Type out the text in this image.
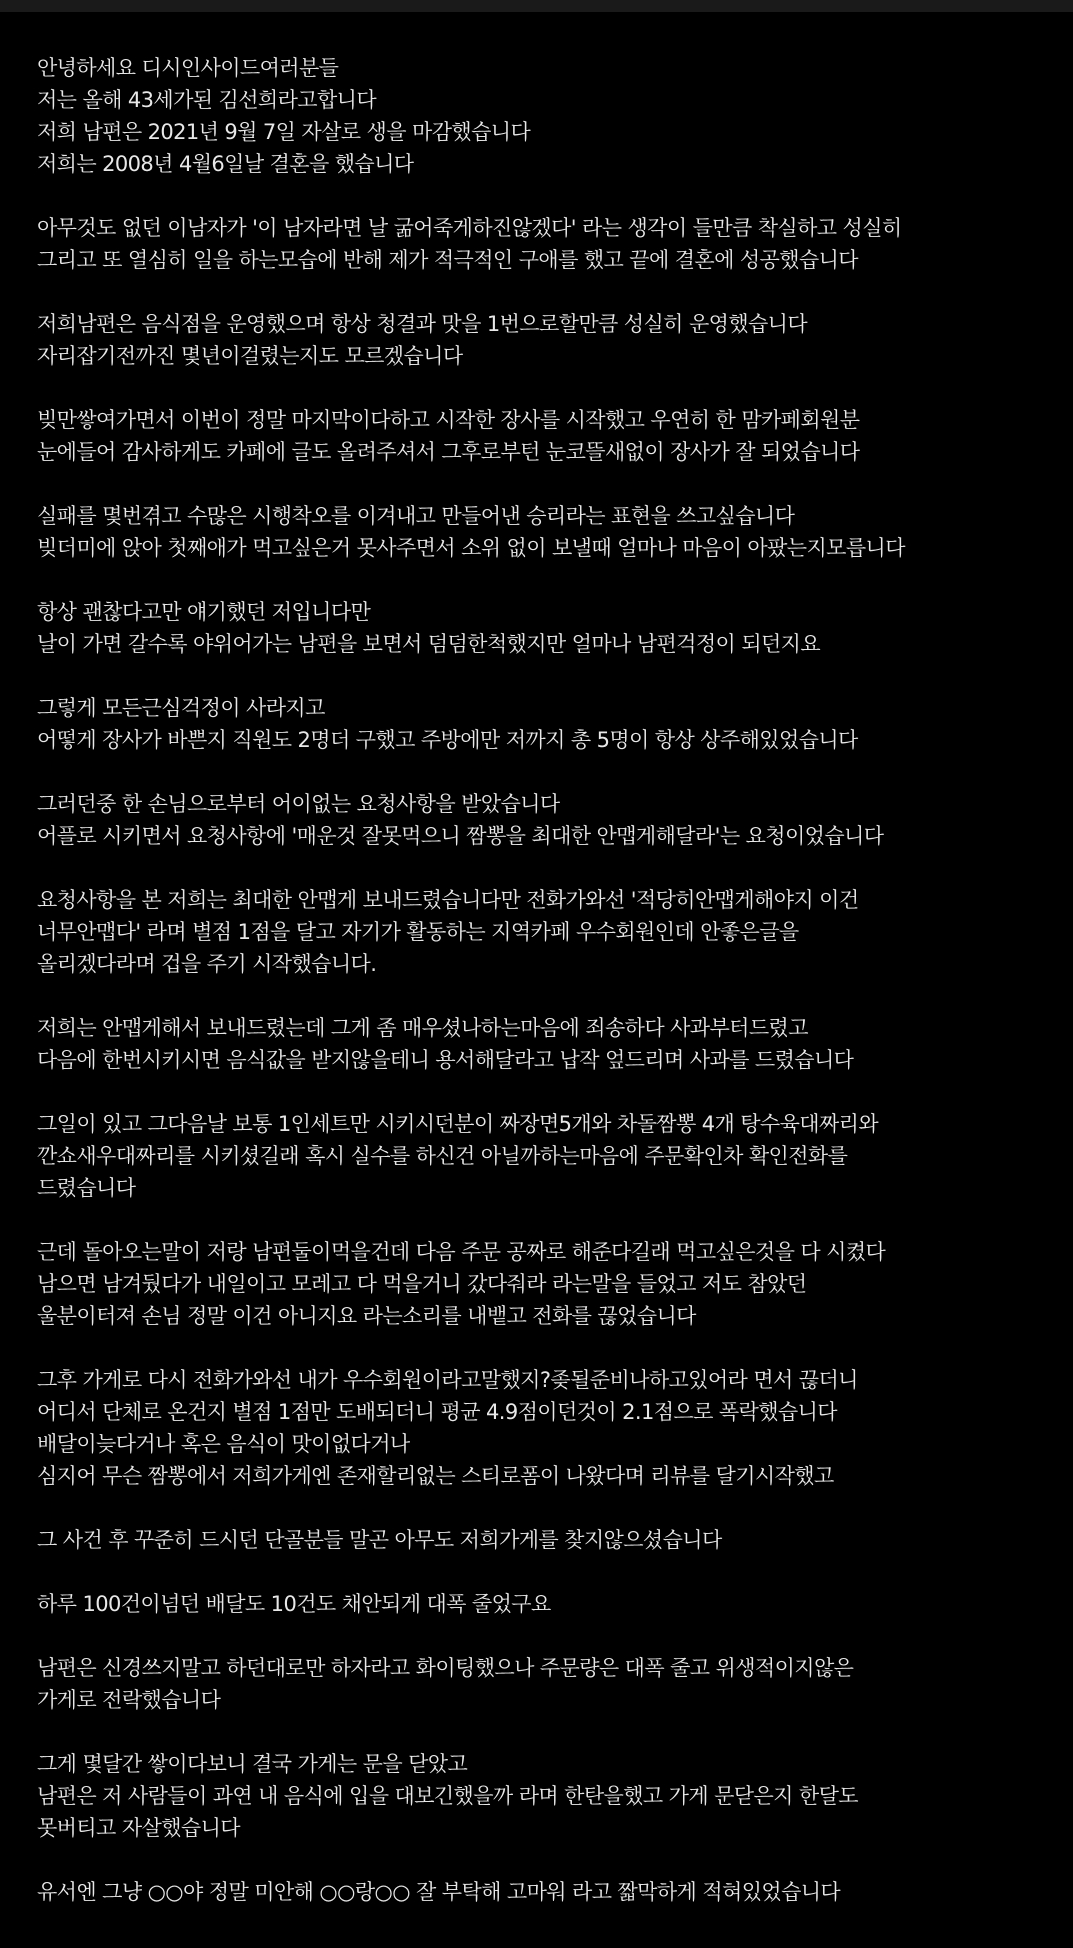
안녕하세요 디시인사이드여러분들
저는 올해 43세가된 김선희라고합니다
저희 남편은 2021년 9월 7일 자살로 생을 마감했습니다
저희는 2008년 4월6일날 결혼을 했습니다
아무것도 없던 이남자가 '이 남자라면 날 굶어죽게하진않겠다' 라는 생각이 들만큼 착실하고 성실히
그리고 또 열심히 일을 하는모습에 반해 제가 적극적인 구애를 했고 끝에 결혼에 성공했습니다
저희남편은 음식점을 운영했으며 항상 청결과 맛을 1번으로할만큼 성실히 운영했습니다
자리잡기전까진 몇년이걸렸는지도 모르겠습니다
빚만쌓여가면서 이번이 정말 마지막이다하고 시작한 장사를 시작했고 우연히 한 맘카페회원분
눈에들어 감사하게도 카페에 글도 올려주셔서 그후로부턴 눈코뜰새없이 장사가 잘 되었습니다
실패를 몇번겪고 수많은 시행착오를 이겨내고 만들어낸 승리라는 표현을 쓰고싶습니다
빚더미에 앉아 첫째애가 먹고싶은거 못사주면서 소위 없이 보낼때 얼마나 마음이 아팠는지모릅니다
항상 괜찮다고만 얘기했던 저입니다만
날이 가면 갈수록 야위어가는 남편을 보면서 덤덤한척했지만 얼마나 남편걱정이 되던지요
그렇게 모든근심걱정이 사라지고
어떻게 장사가 바쁜지 직원도 2명더 구했고 주방에만 저까지 총 5명이 항상 상주해있었습니다
그러던중 한 손님으로부터 어이없는 요청사항을 받았습니다
어플로 시키면서 요청사항에 '매운것 잘못먹으니 짬뽕을 최대한 안맵게해달라'는 요청이었습니다
요청사항을 본 저희는 최대한 안맵게 보내드렸습니다만 전화가와선 '적당히안맵게해야지 이건
너무안맵다' 라며 별점 1점을 달고 자기가 활동하는 지역카페 우수회원인데 안좋은글을
올리겠다라며 겁을 주기 시작했습니다.
저희는 안맵게해서 보내드렸는데 그게 좀 매우셨나하는마음에 죄송하다 사과부터드렸고
다음에 한번시키시면 음식값을 받지않을테니 용서해달라고 납작 엎드리며 사과를 드렸습니다
그일이 있고 그다음날 보통 1인세트만 시키시던분이 짜장면5개와 차돌짬뽕 4개 탕수육대짜리와
깐쇼새우대짜리를 시키셨길래 혹시 실수를 하신건 아닐까하는마음에 주문확인차 확인전화를
드렸습니다
근데 돌아오는말이 저랑 남편둘이먹을건데 다음 주문 공짜로 해준다길래 먹고싶은것을 다 시켰다
남으면 남겨뒀다가 내일이고 모레고 다 먹을거니 갔다줘라 라는말을 들었고 저도 참았던
울분이터져 손님 정말 이건 아니지요 라는소리를 내뱉고 전화를 끊었습니다
그후 가게로 다시 전화가와선 내가 우수회원이라고말했지?좆될준비나하고있어라 면서 끊더니
어디서 단체로 온건지 별점 1점만 도배되더니 평균 4.9점이던것이 2.1점으로 폭락했습니다
배달이늦다거나 혹은 음식이 맛이없다거나
심지어 무슨 짬뽕에서 저희가게엔 존재할리없는 스티로폼이 나왔다며 리뷰를 달기시작했고
그 사건 후 꾸준히 드시던 단골분들 말곤 아무도 저희가게를 찾지않으셨습니다
하루 100건이넘던 배달도 10건도 채안되게 대폭 줄었구요
남편은 신경쓰지말고 하던대로만 하자라고 화이팅했으나 주문량은 대폭 줄고 위생적이지않은
가게로 전락했습니다
그게 몇달간 쌓이다보니 결국 가게는 문을 닫았고
남편은 저 사람들이 과연 내 음식에 입을 대보긴했을까 라며 한탄을했고 가게 문닫은지 한달도
못버티고 자살했습니다
유서엔 그냥 ○○야 정말 미안해 ○○랑○○ 잘 부탁해 고마워 라고 짧막하게 적혀있었습니다
